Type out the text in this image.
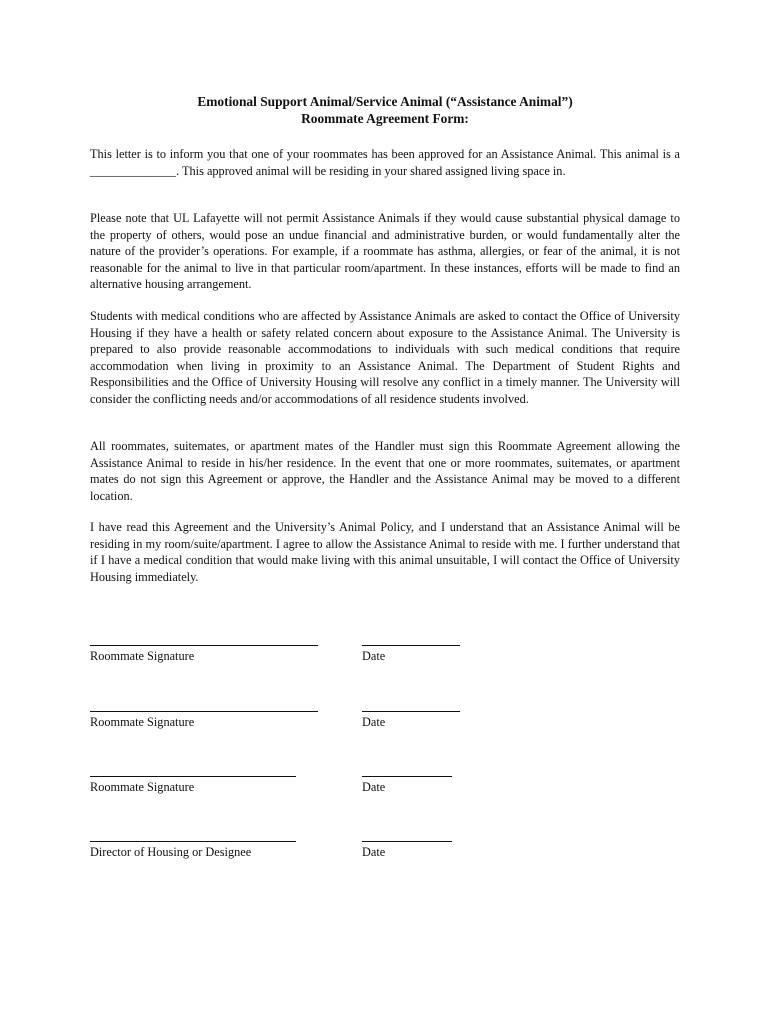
Emotional Support Animal/Service Animal (“Assistance Animal”)
Roommate Agreement Form:

This letter is to inform you that one of your roommates has been approved for an Assistance Animal. This animal is a ______________. This approved animal will be residing in your shared assigned living space in.

Please note that UL Lafayette will not permit Assistance Animals if they would cause substantial physical damage to the property of others, would pose an undue financial and administrative burden, or would fundamentally alter the nature of the provider’s operations. For example, if a roommate has asthma, allergies, or fear of the animal, it is not reasonable for the animal to live in that particular room/apartment. In these instances, efforts will be made to find an alternative housing arrangement.

Students with medical conditions who are affected by Assistance Animals are asked to contact the Office of University Housing if they have a health or safety related concern about exposure to the Assistance Animal. The University is prepared to also provide reasonable accommodations to individuals with such medical conditions that require accommodation when living in proximity to an Assistance Animal. The Department of Student Rights and Responsibilities and the Office of University Housing will resolve any conflict in a timely manner. The University will consider the conflicting needs and/or accommodations of all residence students involved.

All roommates, suitemates, or apartment mates of the Handler must sign this Roommate Agreement allowing the Assistance Animal to reside in his/her residence. In the event that one or more roommates, suitemates, or apartment mates do not sign this Agreement or approve, the Handler and the Assistance Animal may be moved to a different location.

I have read this Agreement and the University’s Animal Policy, and I understand that an Assistance Animal will be residing in my room/suite/apartment. I agree to allow the Assistance Animal to reside with me. I further understand that if I have a medical condition that would make living with this animal unsuitable, I will contact the Office of University Housing immediately.

Roommate Signature	Date
Roommate Signature	Date
Roommate Signature	Date
Director of Housing or Designee	Date
